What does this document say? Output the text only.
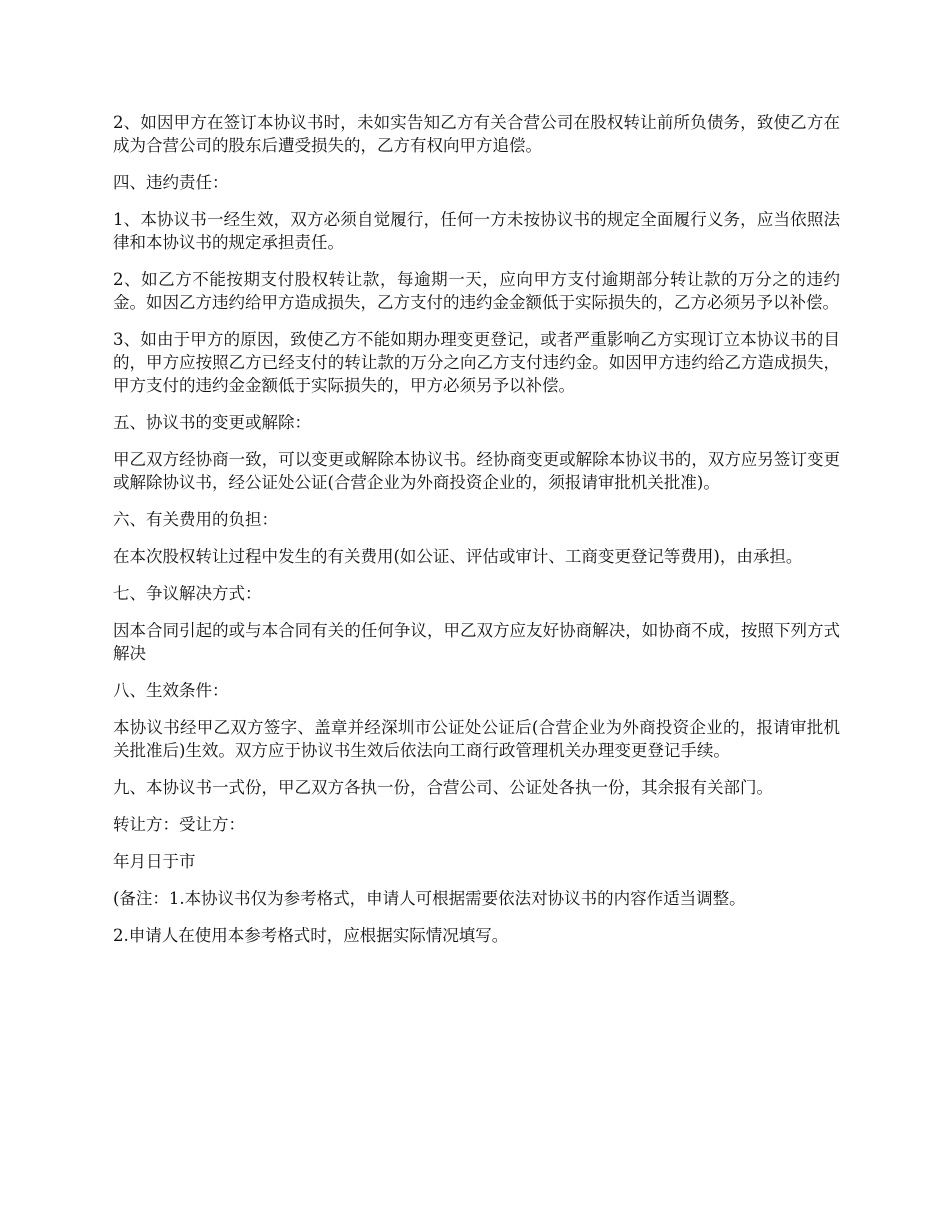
2、如因甲方在签订本协议书时，未如实告知乙方有关合营公司在股权转让前所负债务，致使乙方在成为合营公司的股东后遭受损失的，乙方有权向甲方追偿。

四、违约责任：

1、本协议书一经生效，双方必须自觉履行，任何一方未按协议书的规定全面履行义务，应当依照法律和本协议书的规定承担责任。

2、如乙方不能按期支付股权转让款，每逾期一天，应向甲方支付逾期部分转让款的万分之的违约金。如因乙方违约给甲方造成损失，乙方支付的违约金金额低于实际损失的，乙方必须另予以补偿。

3、如由于甲方的原因，致使乙方不能如期办理变更登记，或者严重影响乙方实现订立本协议书的目的，甲方应按照乙方已经支付的转让款的万分之向乙方支付违约金。如因甲方违约给乙方造成损失，甲方支付的违约金金额低于实际损失的，甲方必须另予以补偿。

五、协议书的变更或解除：

甲乙双方经协商一致，可以变更或解除本协议书。经协商变更或解除本协议书的，双方应另签订变更或解除协议书，经公证处公证(合营企业为外商投资企业的，须报请审批机关批准)。

六、有关费用的负担：

在本次股权转让过程中发生的有关费用(如公证、评估或审计、工商变更登记等费用)，由承担。

七、争议解决方式：

因本合同引起的或与本合同有关的任何争议，甲乙双方应友好协商解决，如协商不成，按照下列方式解决

八、生效条件：

本协议书经甲乙双方签字、盖章并经深圳市公证处公证后(合营企业为外商投资企业的，报请审批机关批准后)生效。双方应于协议书生效后依法向工商行政管理机关办理变更登记手续。

九、本协议书一式份，甲乙双方各执一份，合营公司、公证处各执一份，其余报有关部门。

转让方：受让方：

年月日于市

(备注：1.本协议书仅为参考格式，申请人可根据需要依法对协议书的内容作适当调整。

2.申请人在使用本参考格式时，应根据实际情况填写。
